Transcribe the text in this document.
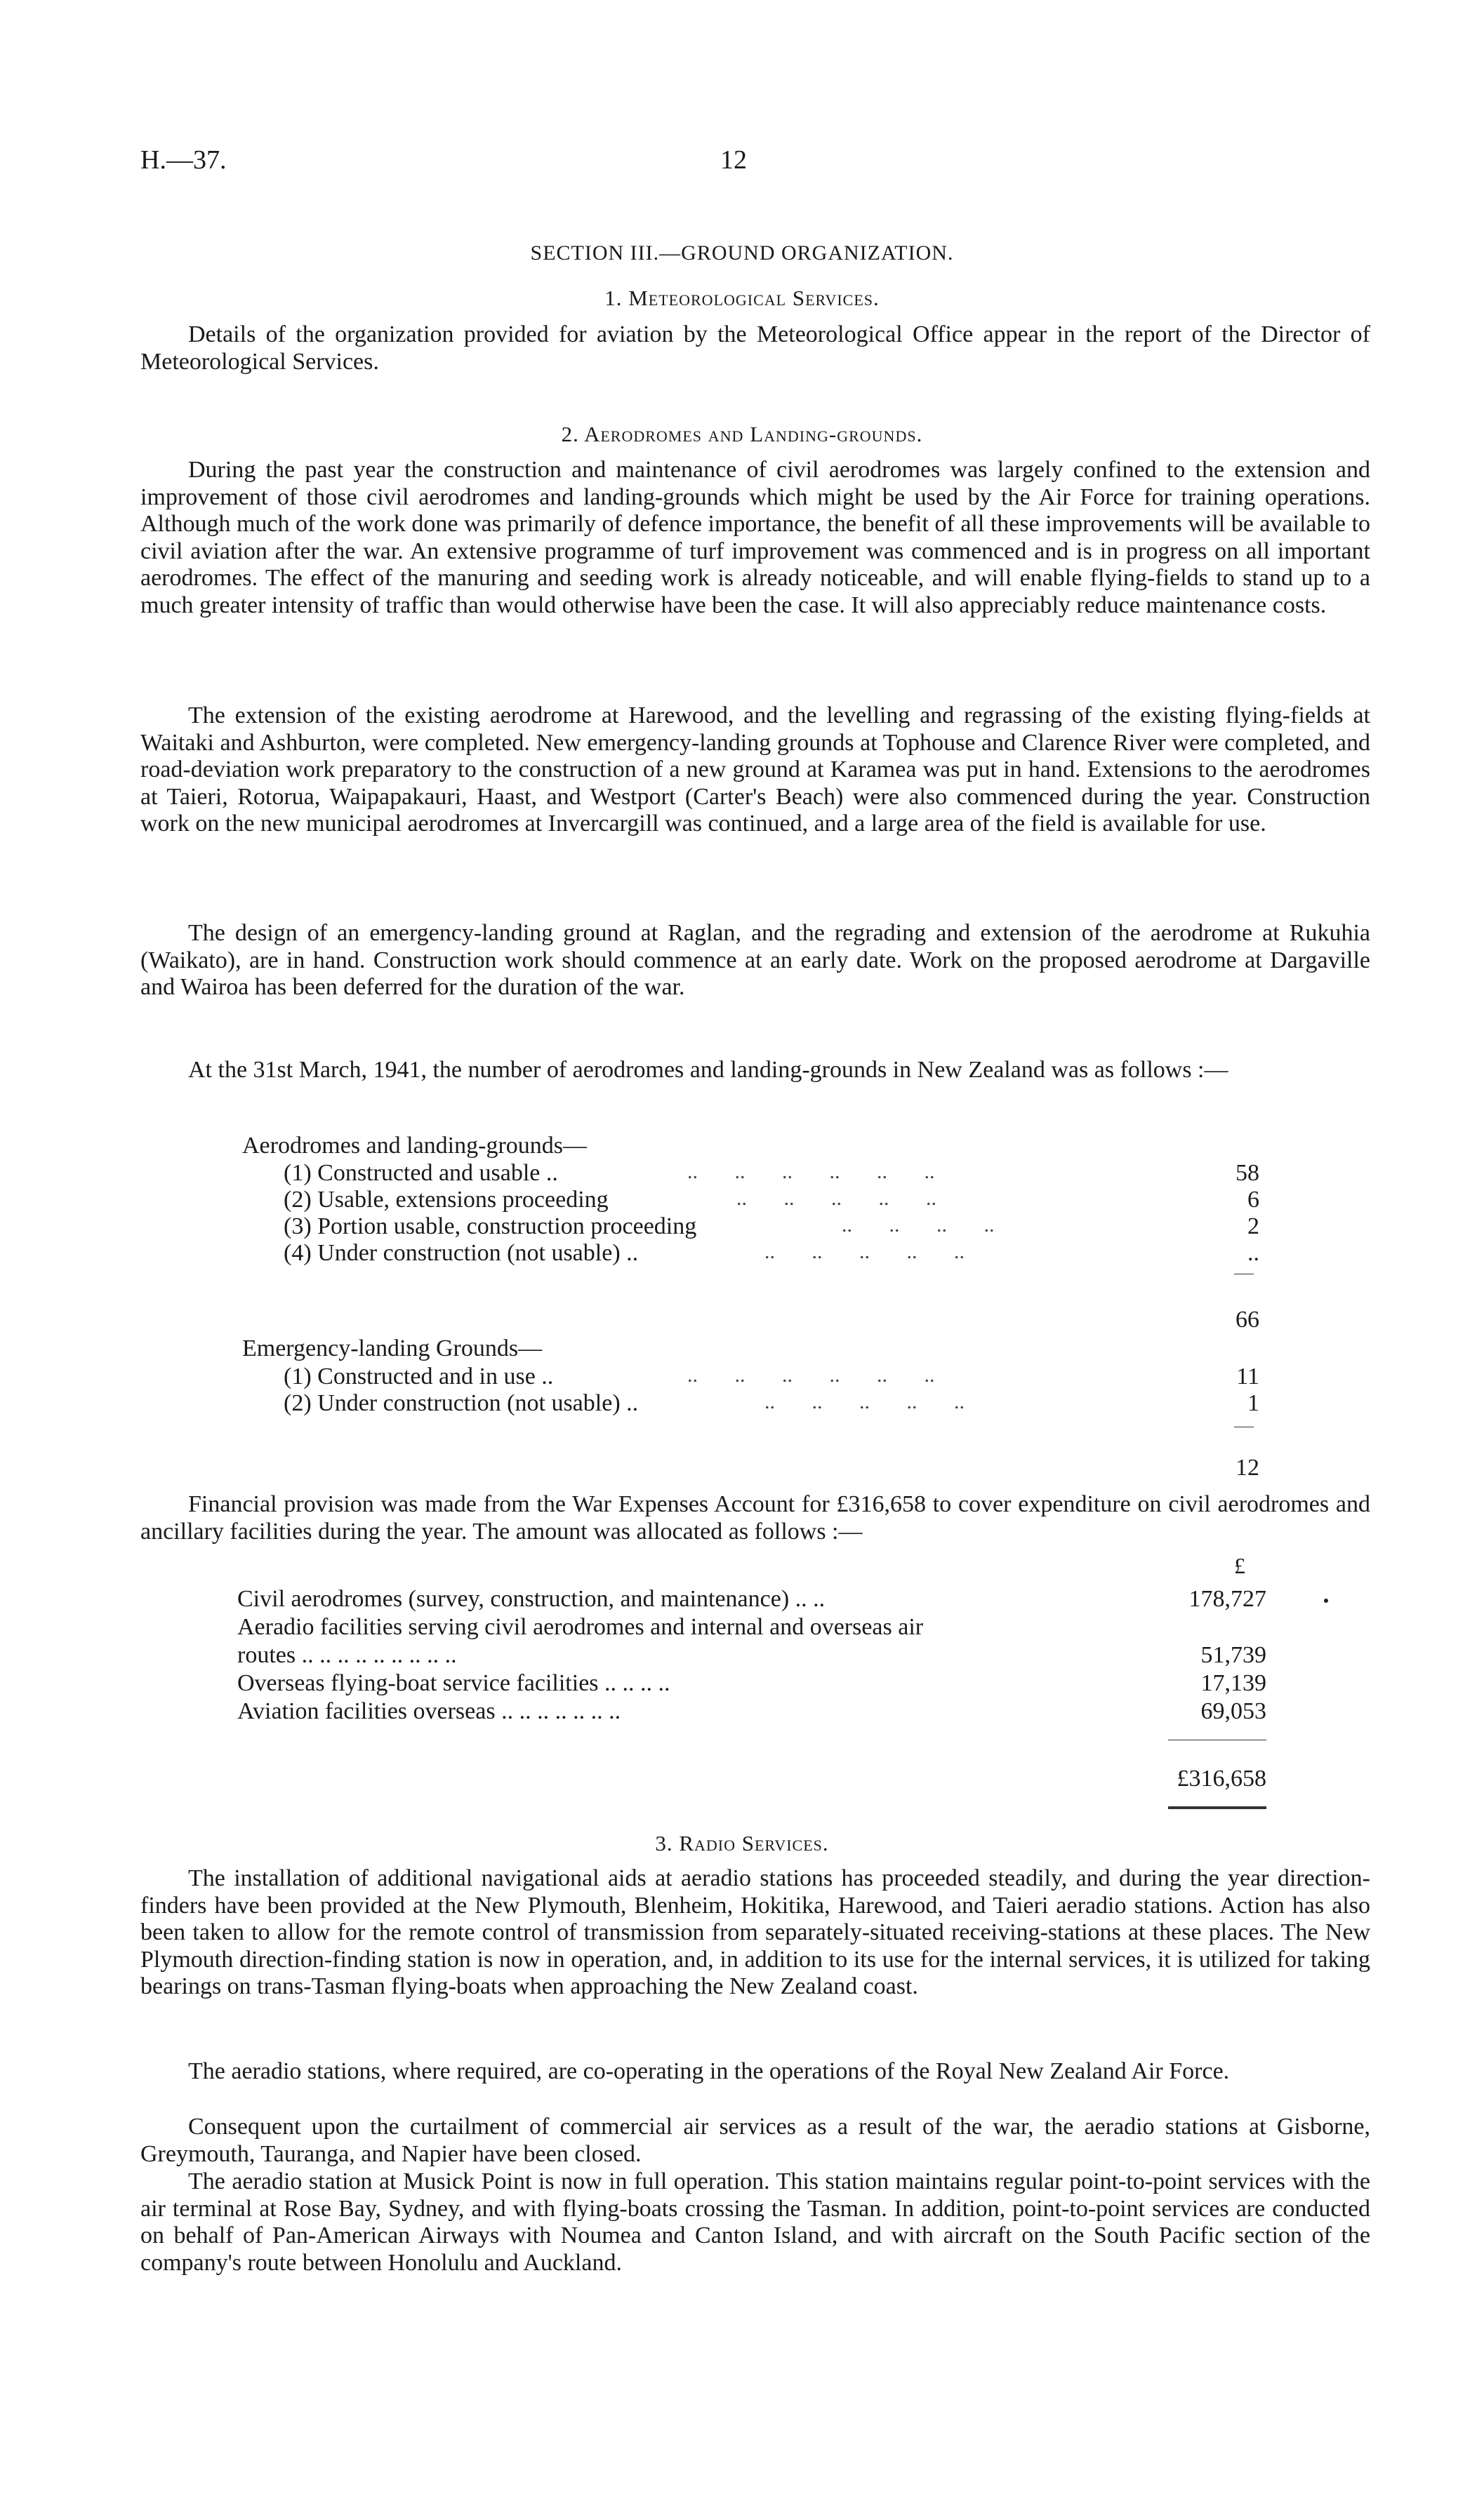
H.—37.	12
SECTION III.—GROUND ORGANIZATION.
1. Meteorological Services.
Details of the organization provided for aviation by the Meteorological Office appear in the report of the Director of Meteorological Services.
2. Aerodromes and Landing-grounds.
During the past year the construction and maintenance of civil aerodromes was largely confined to the extension and improvement of those civil aerodromes and landing-grounds which might be used by the Air Force for training operations. Although much of the work done was primarily of defence importance, the benefit of all these improvements will be available to civil aviation after the war. An extensive programme of turf improvement was commenced and is in progress on all important aerodromes. The effect of the manuring and seeding work is already noticeable, and will enable flying-fields to stand up to a much greater intensity of traffic than would otherwise have been the case. It will also appreciably reduce maintenance costs.
The extension of the existing aerodrome at Harewood, and the levelling and regrassing of the existing flying-fields at Waitaki and Ashburton, were completed. New emergency-landing grounds at Tophouse and Clarence River were completed, and road-deviation work preparatory to the construction of a new ground at Karamea was put in hand. Extensions to the aerodromes at Taieri, Rotorua, Waipapakauri, Haast, and Westport (Carter's Beach) were also commenced during the year. Construction work on the new municipal aerodromes at Invercargill was continued, and a large area of the field is available for use.
The design of an emergency-landing ground at Raglan, and the regrading and extension of the aerodrome at Rukuhia (Waikato), are in hand. Construction work should commence at an early date. Work on the proposed aerodrome at Dargaville and Wairoa has been deferred for the duration of the war.
At the 31st March, 1941, the number of aerodromes and landing-grounds in New Zealand was as follows :—
Aerodromes and landing-grounds—
(1) Constructed and usable ..	..       ..       ..       ..       ..       ..	58
(2) Usable, extensions proceeding	..       ..       ..       ..       ..	6
(3) Portion usable, construction proceeding	..       ..       ..       ..	2
(4) Under construction (not usable) ..	..       ..       ..       ..       ..	..
66
Emergency-landing Grounds—
(1) Constructed and in use ..	..       ..       ..       ..       ..       ..	11
(2) Under construction (not usable) ..	..       ..       ..       ..       ..	1
12
Financial provision was made from the War Expenses Account for £316,658 to cover expenditure on civil aerodromes and ancillary facilities during the year. The amount was allocated as follows :—
£
Civil aerodromes (survey, construction, and maintenance) .. ..	178,727
Aeradio facilities serving civil aerodromes and internal and overseas air
routes .. .. .. .. .. .. .. .. ..	51,739
Overseas flying-boat service facilities .. .. .. ..	17,139
Aviation facilities overseas .. .. .. .. .. .. ..	69,053
£316,658
3. Radio Services.
The installation of additional navigational aids at aeradio stations has proceeded steadily, and during the year direction-finders have been provided at the New Plymouth, Blenheim, Hokitika, Harewood, and Taieri aeradio stations. Action has also been taken to allow for the remote control of transmission from separately-situated receiving-stations at these places. The New Plymouth direction-finding station is now in operation, and, in addition to its use for the internal services, it is utilized for taking bearings on trans-Tasman flying-boats when approaching the New Zealand coast.
The aeradio stations, where required, are co-operating in the operations of the Royal New Zealand Air Force.
Consequent upon the curtailment of commercial air services as a result of the war, the aeradio stations at Gisborne, Greymouth, Tauranga, and Napier have been closed.
The aeradio station at Musick Point is now in full operation. This station maintains regular point-to-point services with the air terminal at Rose Bay, Sydney, and with flying-boats crossing the Tasman. In addition, point-to-point services are conducted on behalf of Pan-American Airways with Noumea and Canton Island, and with aircraft on the South Pacific section of the company's route between Honolulu and Auckland.
